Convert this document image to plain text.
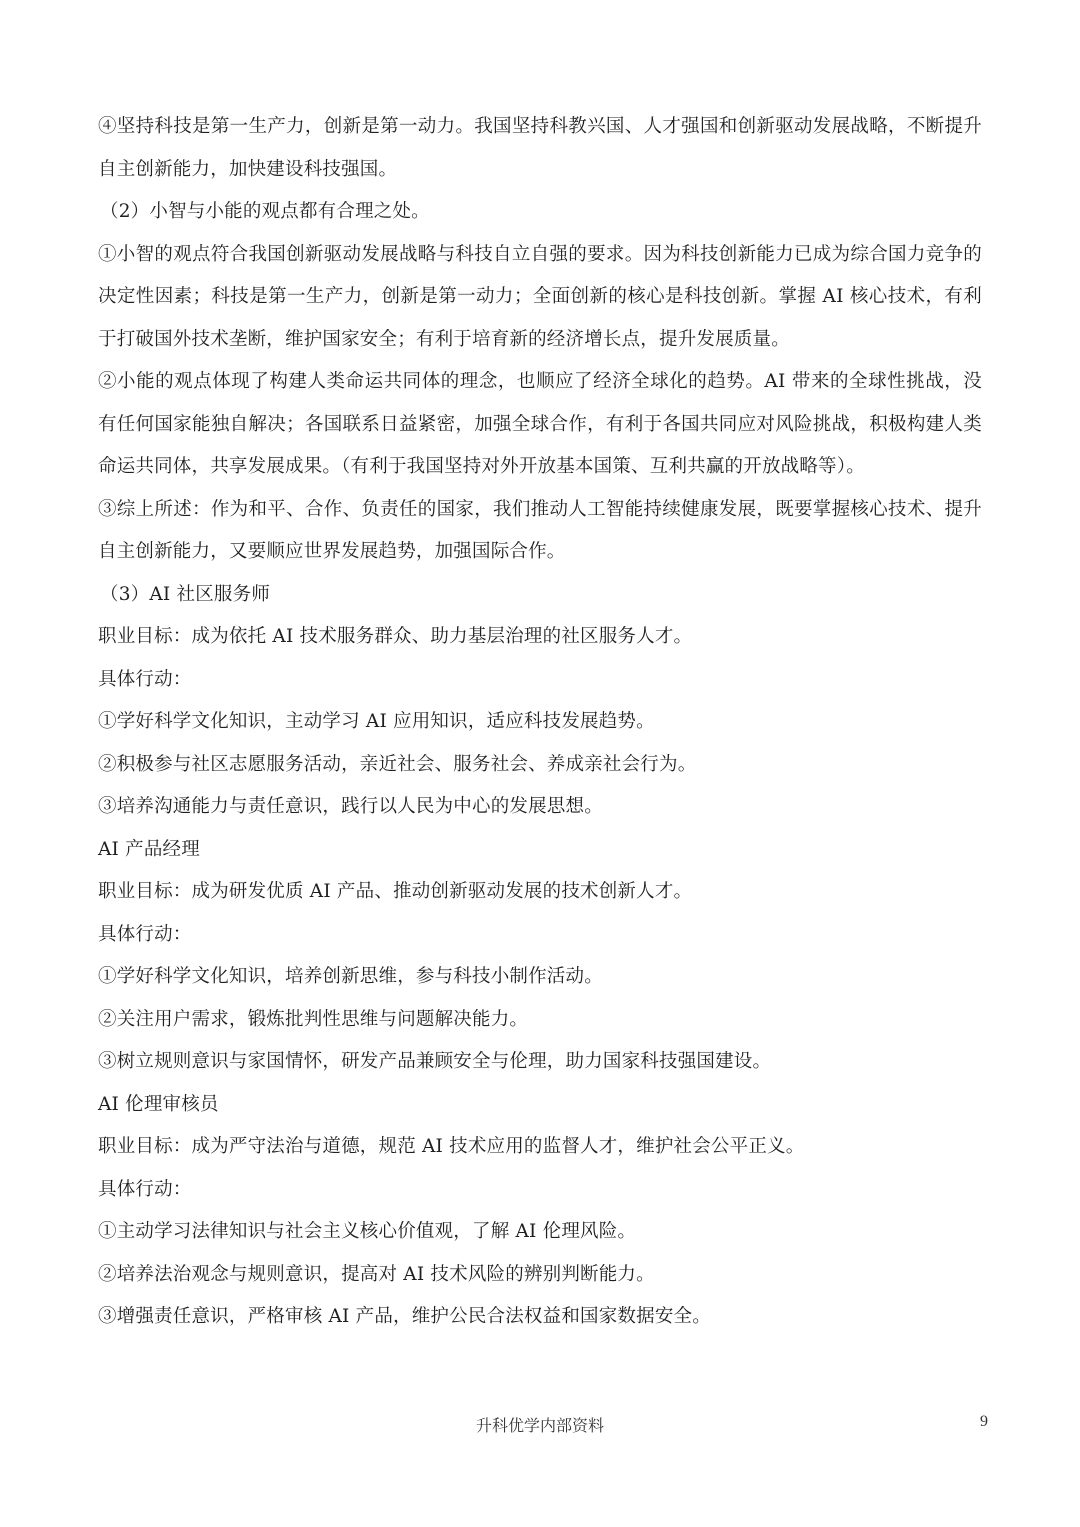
④坚持科技是第一生产力，创新是第一动力。我国坚持科教兴国、人才强国和创新驱动发展战略，不断提升自主创新能力，加快建设科技强国。

（2）小智与小能的观点都有合理之处。

①小智的观点符合我国创新驱动发展战略与科技自立自强的要求。因为科技创新能力已成为综合国力竞争的决定性因素；科技是第一生产力，创新是第一动力；全面创新的核心是科技创新。掌握 AI 核心技术，有利于打破国外技术垄断，维护国家安全；有利于培育新的经济增长点，提升发展质量。

②小能的观点体现了构建人类命运共同体的理念，也顺应了经济全球化的趋势。AI 带来的全球性挑战，没有任何国家能独自解决；各国联系日益紧密，加强全球合作，有利于各国共同应对风险挑战，积极构建人类命运共同体，共享发展成果。（有利于我国坚持对外开放基本国策、互利共赢的开放战略等）。

③综上所述：作为和平、合作、负责任的国家，我们推动人工智能持续健康发展，既要掌握核心技术、提升自主创新能力，又要顺应世界发展趋势，加强国际合作。

（3）AI 社区服务师

职业目标：成为依托 AI 技术服务群众、助力基层治理的社区服务人才。

具体行动：

①学好科学文化知识，主动学习 AI 应用知识，适应科技发展趋势。

②积极参与社区志愿服务活动，亲近社会、服务社会、养成亲社会行为。

③培养沟通能力与责任意识，践行以人民为中心的发展思想。

AI 产品经理

职业目标：成为研发优质 AI 产品、推动创新驱动发展的技术创新人才。

具体行动：

①学好科学文化知识，培养创新思维，参与科技小制作活动。

②关注用户需求，锻炼批判性思维与问题解决能力。

③树立规则意识与家国情怀，研发产品兼顾安全与伦理，助力国家科技强国建设。

AI 伦理审核员

职业目标：成为严守法治与道德，规范 AI 技术应用的监督人才，维护社会公平正义。

具体行动：

①主动学习法律知识与社会主义核心价值观，了解 AI 伦理风险。

②培养法治观念与规则意识，提高对 AI 技术风险的辨别判断能力。

③增强责任意识，严格审核 AI 产品，维护公民合法权益和国家数据安全。

升科优学内部资料	9
